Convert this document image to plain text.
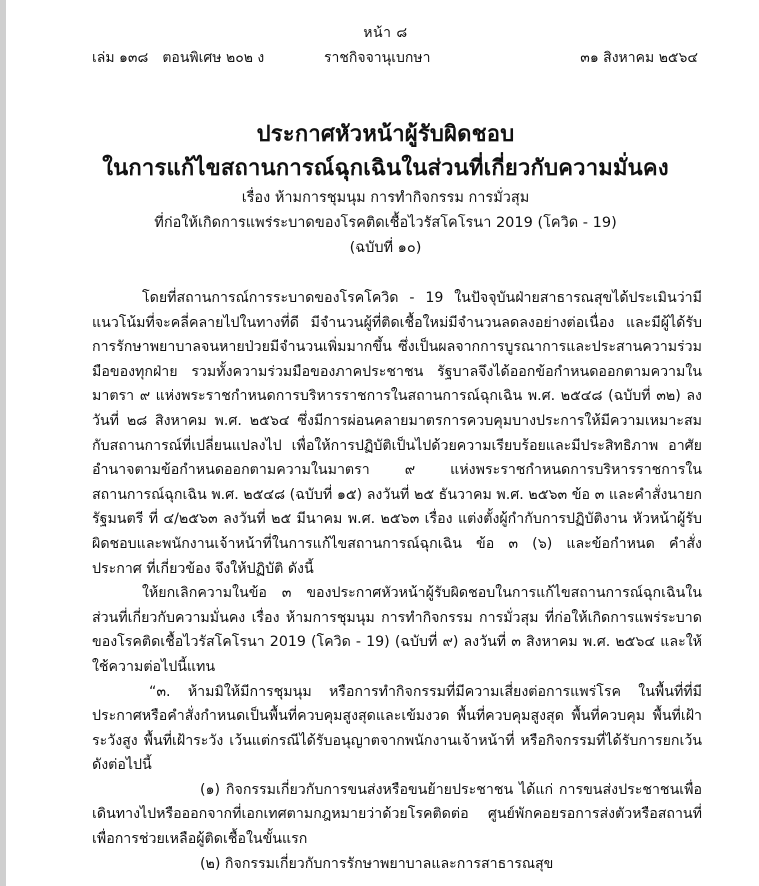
หน้า ๘
เล่ม ๑๓๘ ตอนพิเศษ ๒๐๒ ง	ราชกิจจานุเบกษา	๓๑ สิงหาคม ๒๕๖๔
ประกาศหัวหน้าผู้รับผิดชอบ
ในการแก้ไขสถานการณ์ฉุกเฉินในส่วนที่เกี่ยวกับความมั่นคง
เรื่อง ห้ามการชุมนุม การทำกิจกรรม การมั่วสุม
ที่ก่อให้เกิดการแพร่ระบาดของโรคติดเชื้อไวรัสโคโรนา 2019 (โควิด - 19)
(ฉบับที่ ๑๐)

โดยที่สถานการณ์การระบาดของโรคโควิด - 19 ในปัจจุบันฝ่ายสาธารณสุขได้ประเมินว่ามีแนวโน้มที่จะคลี่คลายไปในทางที่ดี มีจำนวนผู้ที่ติดเชื้อใหม่มีจำนวนลดลงอย่างต่อเนื่อง และมีผู้ได้รับการรักษาพยาบาลจนหายป่วยมีจำนวนเพิ่มมากขึ้น ซึ่งเป็นผลจากการบูรณาการและประสานความร่วมมือของทุกฝ่าย รวมทั้งความร่วมมือของภาคประชาชน รัฐบาลจึงได้ออกข้อกำหนดออกตามความในมาตรา ๙ แห่งพระราชกำหนดการบริหารราชการในสถานการณ์ฉุกเฉิน พ.ศ. ๒๕๔๘ (ฉบับที่ ๓๒) ลงวันที่ ๒๘ สิงหาคม พ.ศ. ๒๕๖๔ ซึ่งมีการผ่อนคลายมาตรการควบคุมบางประการให้มีความเหมาะสมกับสถานการณ์ที่เปลี่ยนแปลงไป เพื่อให้การปฏิบัติเป็นไปด้วยความเรียบร้อยและมีประสิทธิภาพ อาศัยอำนาจตามข้อกำหนดออกตามความในมาตรา ๙ แห่งพระราชกำหนดการบริหารราชการในสถานการณ์ฉุกเฉิน พ.ศ. ๒๕๔๘ (ฉบับที่ ๑๕) ลงวันที่ ๒๕ ธันวาคม พ.ศ. ๒๕๖๓ ข้อ ๓ และคำสั่งนายกรัฐมนตรี ที่ ๔/๒๕๖๓ ลงวันที่ ๒๕ มีนาคม พ.ศ. ๒๕๖๓ เรื่อง แต่งตั้งผู้กำกับการปฏิบัติงาน หัวหน้าผู้รับผิดชอบและพนักงานเจ้าหน้าที่ในการแก้ไขสถานการณ์ฉุกเฉิน ข้อ ๓ (๖) และข้อกำหนด คำสั่ง ประกาศ ที่เกี่ยวข้อง จึงให้ปฏิบัติ ดังนี้

ให้ยกเลิกความในข้อ ๓ ของประกาศหัวหน้าผู้รับผิดชอบในการแก้ไขสถานการณ์ฉุกเฉินในส่วนที่เกี่ยวกับความมั่นคง เรื่อง ห้ามการชุมนุม การทำกิจกรรม การมั่วสุม ที่ก่อให้เกิดการแพร่ระบาดของโรคติดเชื้อไวรัสโคโรนา 2019 (โควิด - 19) (ฉบับที่ ๙) ลงวันที่ ๓ สิงหาคม พ.ศ. ๒๕๖๔ และให้ใช้ความต่อไปนี้แทน

“๓. ห้ามมิให้มีการชุมนุม หรือการทำกิจกรรมที่มีความเสี่ยงต่อการแพร่โรค ในพื้นที่ที่มีประกาศหรือคำสั่งกำหนดเป็นพื้นที่ควบคุมสูงสุดและเข้มงวด พื้นที่ควบคุมสูงสุด พื้นที่ควบคุม พื้นที่เฝ้าระวังสูง พื้นที่เฝ้าระวัง เว้นแต่กรณีได้รับอนุญาตจากพนักงานเจ้าหน้าที่ หรือกิจกรรมที่ได้รับการยกเว้น ดังต่อไปนี้

(๑) กิจกรรมเกี่ยวกับการขนส่งหรือขนย้ายประชาชน ได้แก่ การขนส่งประชาชนเพื่อเดินทางไปหรือออกจากที่เอกเทศตามกฎหมายว่าด้วยโรคติดต่อ ศูนย์พักคอยรอการส่งตัวหรือสถานที่เพื่อการช่วยเหลือผู้ติดเชื้อในขั้นแรก

(๒) กิจกรรมเกี่ยวกับการรักษาพยาบาลและการสาธารณสุข
